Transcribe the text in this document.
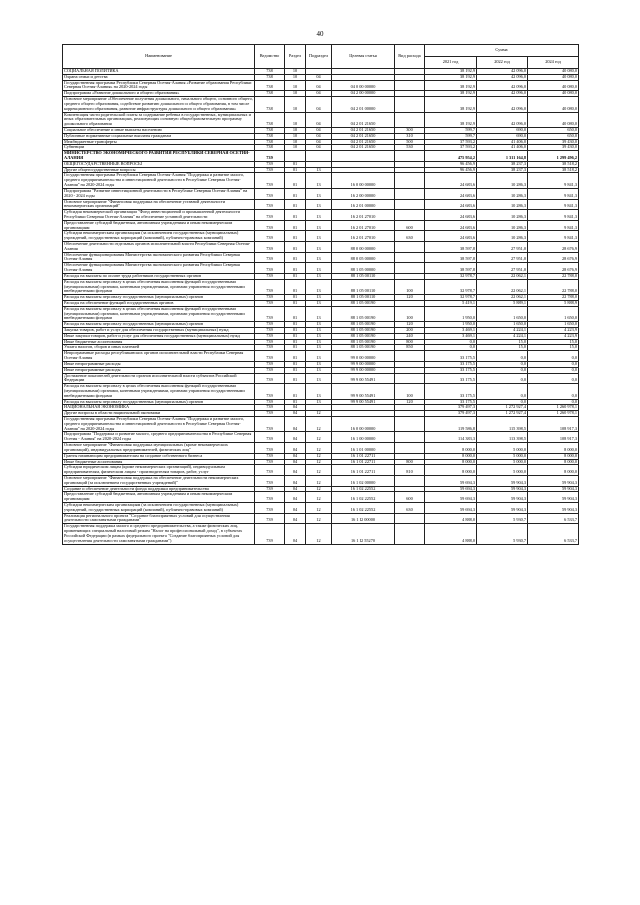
40
Наименование	Ведомство	Раздел	Подраздел	Целевая статья	Вид расхода	Сумма		
						2021 год	2022 год	2024 год
СОЦИАЛЬНАЯ ПОЛИТИКА	738	10				38 192,9	42 096,0	40 080,0
Охрана семьи и детства	738	10	04			38 192,9	42 096,0	40 080,0
Государственная программа Республики Северная Осетия-Алания «Развитие образования Республики Северная Осетия-Алания» на 2020-2024 годы	738	10	04	04 0 00 00000		38 192,9	42 096,0	40 080,0
Подпрограмма «Развитие дошкольного и общего образования»	738	10	04	04 2 00 00000		38 192,9	42 096,0	40 080,0
Основное мероприятие «Обеспечение получения дошкольного, начального общего, основного общего, среднего общего образования, содействие развитию дошкольного и общего образования, в том числе коррекционного образования, развитие инфраструктуры дошкольного и общего образования»	738	10	04	04 2 01 00000		38 192,9	42 096,0	40 080,0
Компенсация части родительской платы за содержание ребенка в государственных, муниципальных и иных образовательных организациях, реализующих основную общеобразовательную программу дошкольного образования	738	10	04	04 2 01 21650		38 192,9	42 096,0	40 080,0
Социальное обеспечение и иные выплаты населению	738	10	04	04 2 01 21650	300	599,7	690,0	650,0
Публичные нормативные социальные выплаты гражданам	738	10	04	04 2 01 21650	310	599,7	690,0	650,0
Межбюджетные трансферты	738	10	04	04 2 01 21650	500	37 593,2	41 406,0	39 430,0
Субвенции	738	10	04	04 2 01 21650	530	37 593,2	41 406,0	39 430,0
МИНИСТЕРСТВО ЭКОНОМИЧЕСКОГО РАЗВИТИЯ РЕСПУБЛИКИ СЕВЕРНАЯ ОСЕТИЯ-АЛАНИЯ	739					475 954,2	1 311 164,8	1 299 496,2
ОБЩЕГОСУДАРСТВЕННЫЕ ВОПРОСЫ	739	01				96 456,9	38 237,3	38 518,2
Другие общегосударственные вопросы	739	01	13			96 456,9	38 237,3	38 518,2
Государственная программа Республики Северная Осетия-Алания "Поддержка и развитие малого, среднего предпринимательства и инвестиционной деятельности в Республике Северная Осетия-Алания" на 2020-2024 годы	739	01	13	16 0 00 00000		24 683,6	10 286,3	9 841,3
Подпрограмма "Развитие инвестиционной деятельности в Республике Северная Осетия-Алания" на 2020 - 2024 годы	739	01	13	16 2 00 00000		24 683,6	10 286,3	9 841,3
Основное мероприятие "Финансовая поддержка на обеспечение уставной деятельности некоммерческих организаций"	739	01	13	16 2 01 00000		24 683,6	10 286,3	9 841,3
Субсидия некоммерческой организации "Фонд инвестиционной и промышленной деятельности Республики Северная Осетия-Алания" на обеспечение уставной деятельности	739	01	13	16 2 01 27010		24 683,6	10 286,3	9 841,3
Предоставление субсидий бюджетным, автономным учреждениям и иным некоммерческим организациям	739	01	13	16 2 01 27010	600	24 683,6	10 286,3	9 841,3
Субсидии некоммерческим организациям (за исключением государственных (муниципальных) учреждений, государственных корпораций (компаний), публично-правовых компаний)	739	01	13	16 2 01 27010	630	24 683,6	10 286,3	9 841,3
Обеспечение деятельности отдельных органов исполнительной власти Республики Северная Осетия-Алания	739	01	13	88 0 00 00000		38 597,8	27 951,0	28 676,9
Обеспечение функционирования Министерства экономического развития Республики Северная Осетия-Алания	739	01	13	88 0 05 00000		38 597,8	27 951,0	28 676,9
Обеспечение функционирования Министерства экономического развития Республики Северная Осетия-Алания	739	01	13	88 1 05 00000		38 597,8	27 951,0	28 676,9
Расходы на выплаты по оплате труда работников государственных органов	739	01	13	88 1 05 00110		32 978,7	22 062,1	22 788,0
Расходы на выплаты персоналу в целях обеспечения выполнения функций государственными (муниципальными) органами, казенными учреждениями, органами управления государственными внебюджетными фондами	739	01	13	88 1 05 00110	100	32 978,7	22 062,1	22 788,0
Расходы на выплаты персоналу государственных (муниципальных) органов	739	01	13	88 1 05 00110	120	32 978,7	22 062,1	22 788,0
Расходы на обеспечение функций государственных органов	739	01	13	88 1 05 00190		5 419,1	5 889,1	5 888,9
Расходы на выплаты персоналу в целях обеспечения выполнения функций государственными (муниципальными) органами, казенными учреждениями, органами управления государственными внебюджетными фондами	739	01	13	88 1 05 00190	100	1 950,0	1 650,0	1 650,0
Расходы на выплаты персоналу государственных (муниципальных) органов	739	01	13	88 1 05 00190	120	1 950,0	1 650,0	1 650,0
Закупка товаров, работ и услуг для обеспечения государственных (муниципальных) нужд	739	01	13	88 1 05 00190	200	3 469,1	4 224,1	4 223,9
Иные закупки товаров, работ и услуг для обеспечения государственных (муниципальных) нужд	739	01	13	88 1 05 00190	240	3 469,1	4 224,1	4 223,9
Иные бюджетные ассигнования	739	01	13	88 1 05 00190	800	0,0	15,0	15,0
Уплата налогов, сборов и иных платежей	739	01	13	88 1 05 00190	850	0,0	15,0	15,0
Непрограммные расходы республиканских органов исполнительной власти Республики Северная Осетия-Алания	739	01	13	99 0 00 00000		33 175,5	0,0	0,0
Иные непрограммные расходы	739	01	13	99 9 00 00000		33 175,5	0,0	0,0
Иные непрограммные расходы	739	01	13	99 9 00 00000		33 175,5	0,0	0,0
Достижение показателей деятельности органов исполнительной власти субъектов Российской Федерации	739	01	13	99 9 00 55491		33 175,5	0,0	0,0
Расходы на выплаты персоналу в целях обеспечения выполнения функций государственными (муниципальными) органами, казенными учреждениями, органами управления государственными внебюджетными фондами	739	01	13	99 9 00 55491	100	33 175,5	0,0	0,0
Расходы на выплаты персоналу государственных (муниципальных) органов	739	01	13	99 9 00 55491	120	33 175,5	0,0	0,0
НАЦИОНАЛЬНАЯ ЭКОНОМИКА	739	04				379 497,3	1 272 927,4	1 260 978,1
Другие вопросы в области национальной экономики	739	04	12			379 497,3	1 272 927,4	1 260 978,1
Государственная программа Республики Северная Осетия-Алания "Поддержка и развитие малого, среднего предпринимательства и инвестиционной деятельности в Республике Северная Осетия-Алания" на 2020-2024 годы	739	04	12	16 0 00 00000		119 586,8	115 398,5	108 917,3
Подпрограмма "Поддержка и развитие малого, среднего предпринимательства в Республике Северная Осетия - Алания" на 2020-2024 годы	739	04	12	16 1 00 00000		114 383,3	113 398,5	108 917,3
Основное мероприятие "Финансовая поддержка муниципальных (кроме некоммерческих организаций), индивидуальных предпринимателей, физических лиц"	739	04	12	16 1 01 00000		8 000,0	5 000,0	8 000,0
Гранты начинающим предпринимателям на создание собственного бизнеса	739	04	12	16 1 01 22711		8 000,0	5 000,0	8 000,0
Иные бюджетные ассигнования	739	04	12	16 1 01 22711	800	8 000,0	5 000,0	8 000,0
Субсидии юридическим лицам (кроме некоммерческих организаций), индивидуальным предпринимателям, физическим лицам - производителям товаров, работ, услуг	739	04	12	16 1 01 22711	810	8 000,0	5 000,0	8 000,0
Основное мероприятие "Финансовая поддержка на обеспечение деятельности некоммерческих организаций (за исключением государственных учреждений)"	739	04	12	16 1 02 00000		59 694,3	59 904,3	59 904,3
Создание и обеспечение деятельности фонда поддержки предпринимательства	739	04	12	16 1 02 22552		59 694,3	59 904,3	59 904,3
Предоставление субсидий бюджетным, автономным учреждениям и иным некоммерческим организациям	739	04	12	16 1 02 22552	600	59 694,3	59 904,3	59 904,3
Субсидии некоммерческим организациям (за исключением государственных (муниципальных) учреждений, государственных корпораций (компаний), публично-правовых компаний)	739	04	12	16 1 02 22552	630	59 694,3	59 904,3	59 904,3
Реализация регионального проекта "Создание благоприятных условий для осуществления деятельности самозанятыми гражданами"	739	04	12	16 1 I2 00000		4 888,0	5 930,7	6 533,7
Государственная поддержка малого и среднего предпринимательства, а также физических лиц, применяющих специальный налоговый режим "Налог на профессиональный доход", в субъектах Российской Федерации (в рамках федерального проекта "Создание благоприятных условий для осуществления деятельности самозанятыми гражданами")	739	04	12	16 1 I2 55270		4 888,0	5 930,7	6 533,7
